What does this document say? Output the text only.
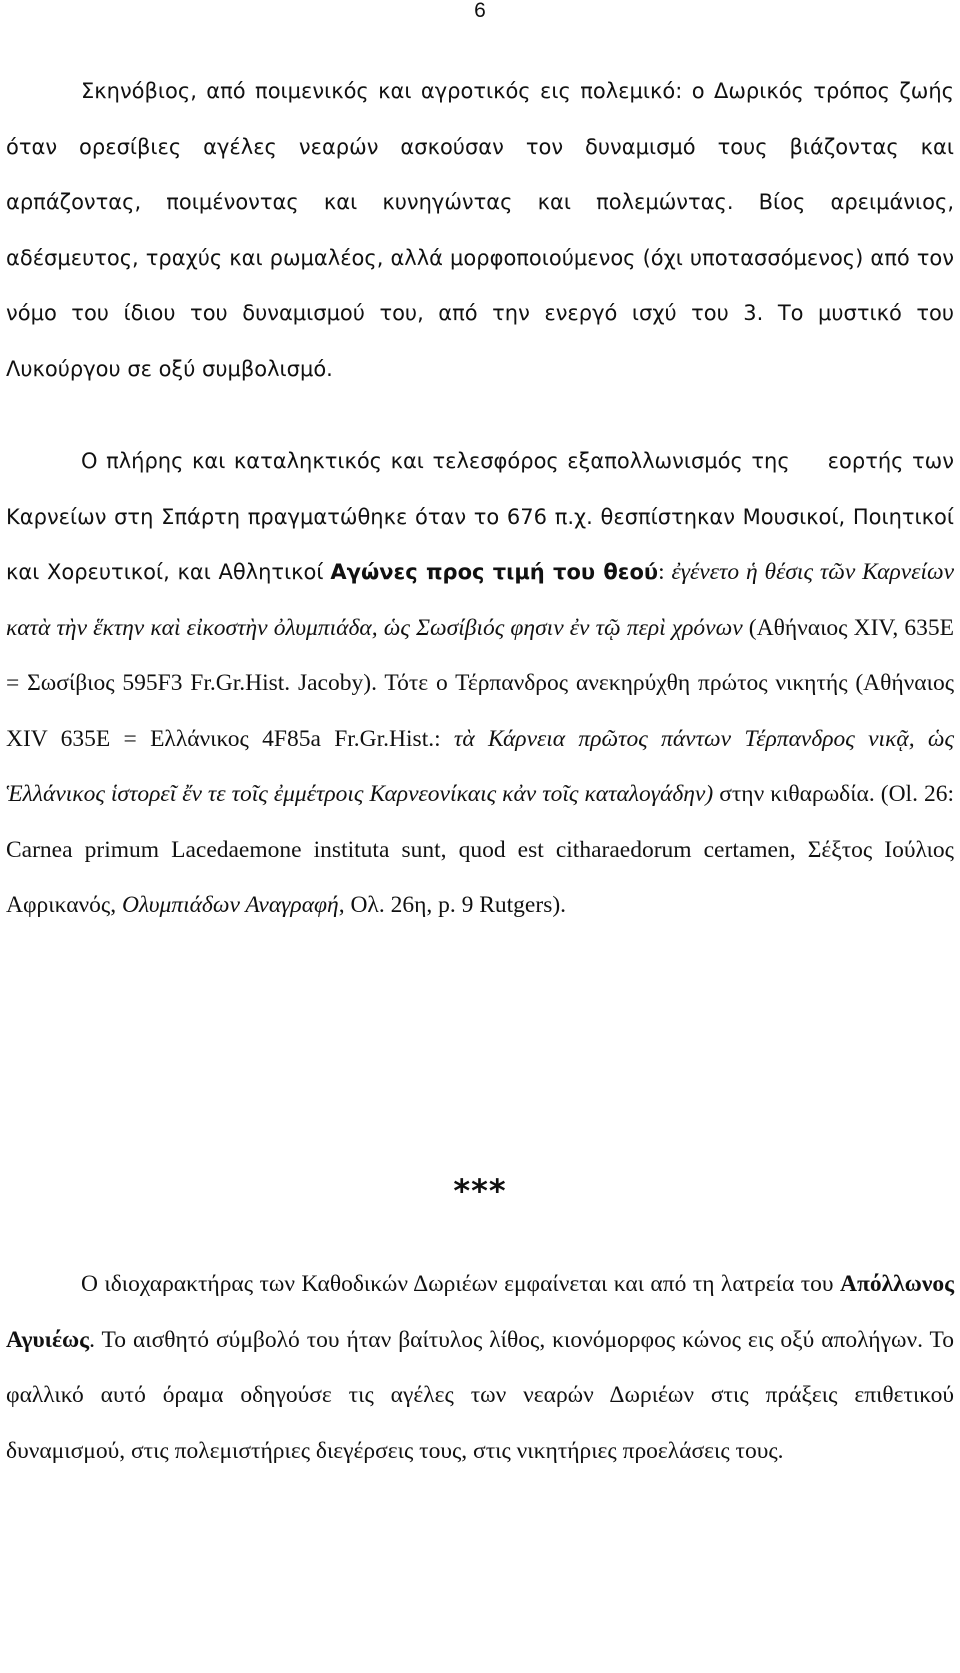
6

Σκηνόβιος, από ποιμενικός και αγροτικός εις πολεμικό: ο Δωρικός τρόπος ζωής όταν ορεσίβιες αγέλες νεαρών ασκούσαν τον δυναμισμό τους βιάζοντας και αρπάζοντας, ποιμένοντας και κυνηγώντας και πολεμώντας. Βίος αρειμάνιος, αδέσμευτος, τραχύς και ρωμαλέος, αλλά μορφοποιούμενος (όχι υποτασσόμενος) από τον νόμο του ίδιου του δυναμισμού του, από την ενεργό ισχύ του 3. Το μυστικό του Λυκούργου σε οξύ συμβολισμό.

Ο πλήρης και καταληκτικός και τελεσφόρος εξαπολλωνισμός της εορτής των Καρνείων στη Σπάρτη πραγματώθηκε όταν το 676 π.χ. θεσπίστηκαν Μουσικοί, Ποιητικοί και Χορευτικοί, και Αθλητικοί Αγώνες προς τιμή του θεού: ἐγένετο ἡ θέσις τῶν Καρνείων κατὰ τὴν ἕκτην καὶ εἰκοστὴν ὀλυμπιάδα, ὡς Σωσίβιός φησιν ἐν τῷ περὶ χρόνων (Αθήναιος XIV, 635E = Σωσίβιος 595F3 Fr.Gr.Hist. Jacoby). Τότε ο Τέρπανδρος ανεκηρύχθη πρώτος νικητής (Αθήναιος XIV 635E = Ελλάνικος 4F85a Fr.Gr.Hist.: τὰ Κάρνεια πρῶτος πάντων Τέρπανδρος νικᾷ, ὡς Ἑλλάνικος ἱστορεῖ ἔν τε τοῖς ἐμμέτροις Καρνεονίκαις κἀν τοῖς καταλογάδην) στην κιθαρωδία. (Ol. 26: Carnea primum Lacedaemone instituta sunt, quod est citharaedorum certamen, Σέξτος Ιούλιος Αφρικανός, Ολυμπιάδων Αναγραφή, Ολ. 26η, p. 9 Rutgers).

***

Ο ιδιοχαρακτήρας των Καθοδικών Δωριέων εμφαίνεται και από τη λατρεία του Απόλλωνος Αγυιέως. Το αισθητό σύμβολό του ήταν βαίτυλος λίθος, κιονόμορφος κώνος εις οξύ απολήγων. Το φαλλικό αυτό όραμα οδηγούσε τις αγέλες των νεαρών Δωριέων στις πράξεις επιθετικού δυναμισμού, στις πολεμιστήριες διεγέρσεις τους, στις νικητήριες προελάσεις τους.
